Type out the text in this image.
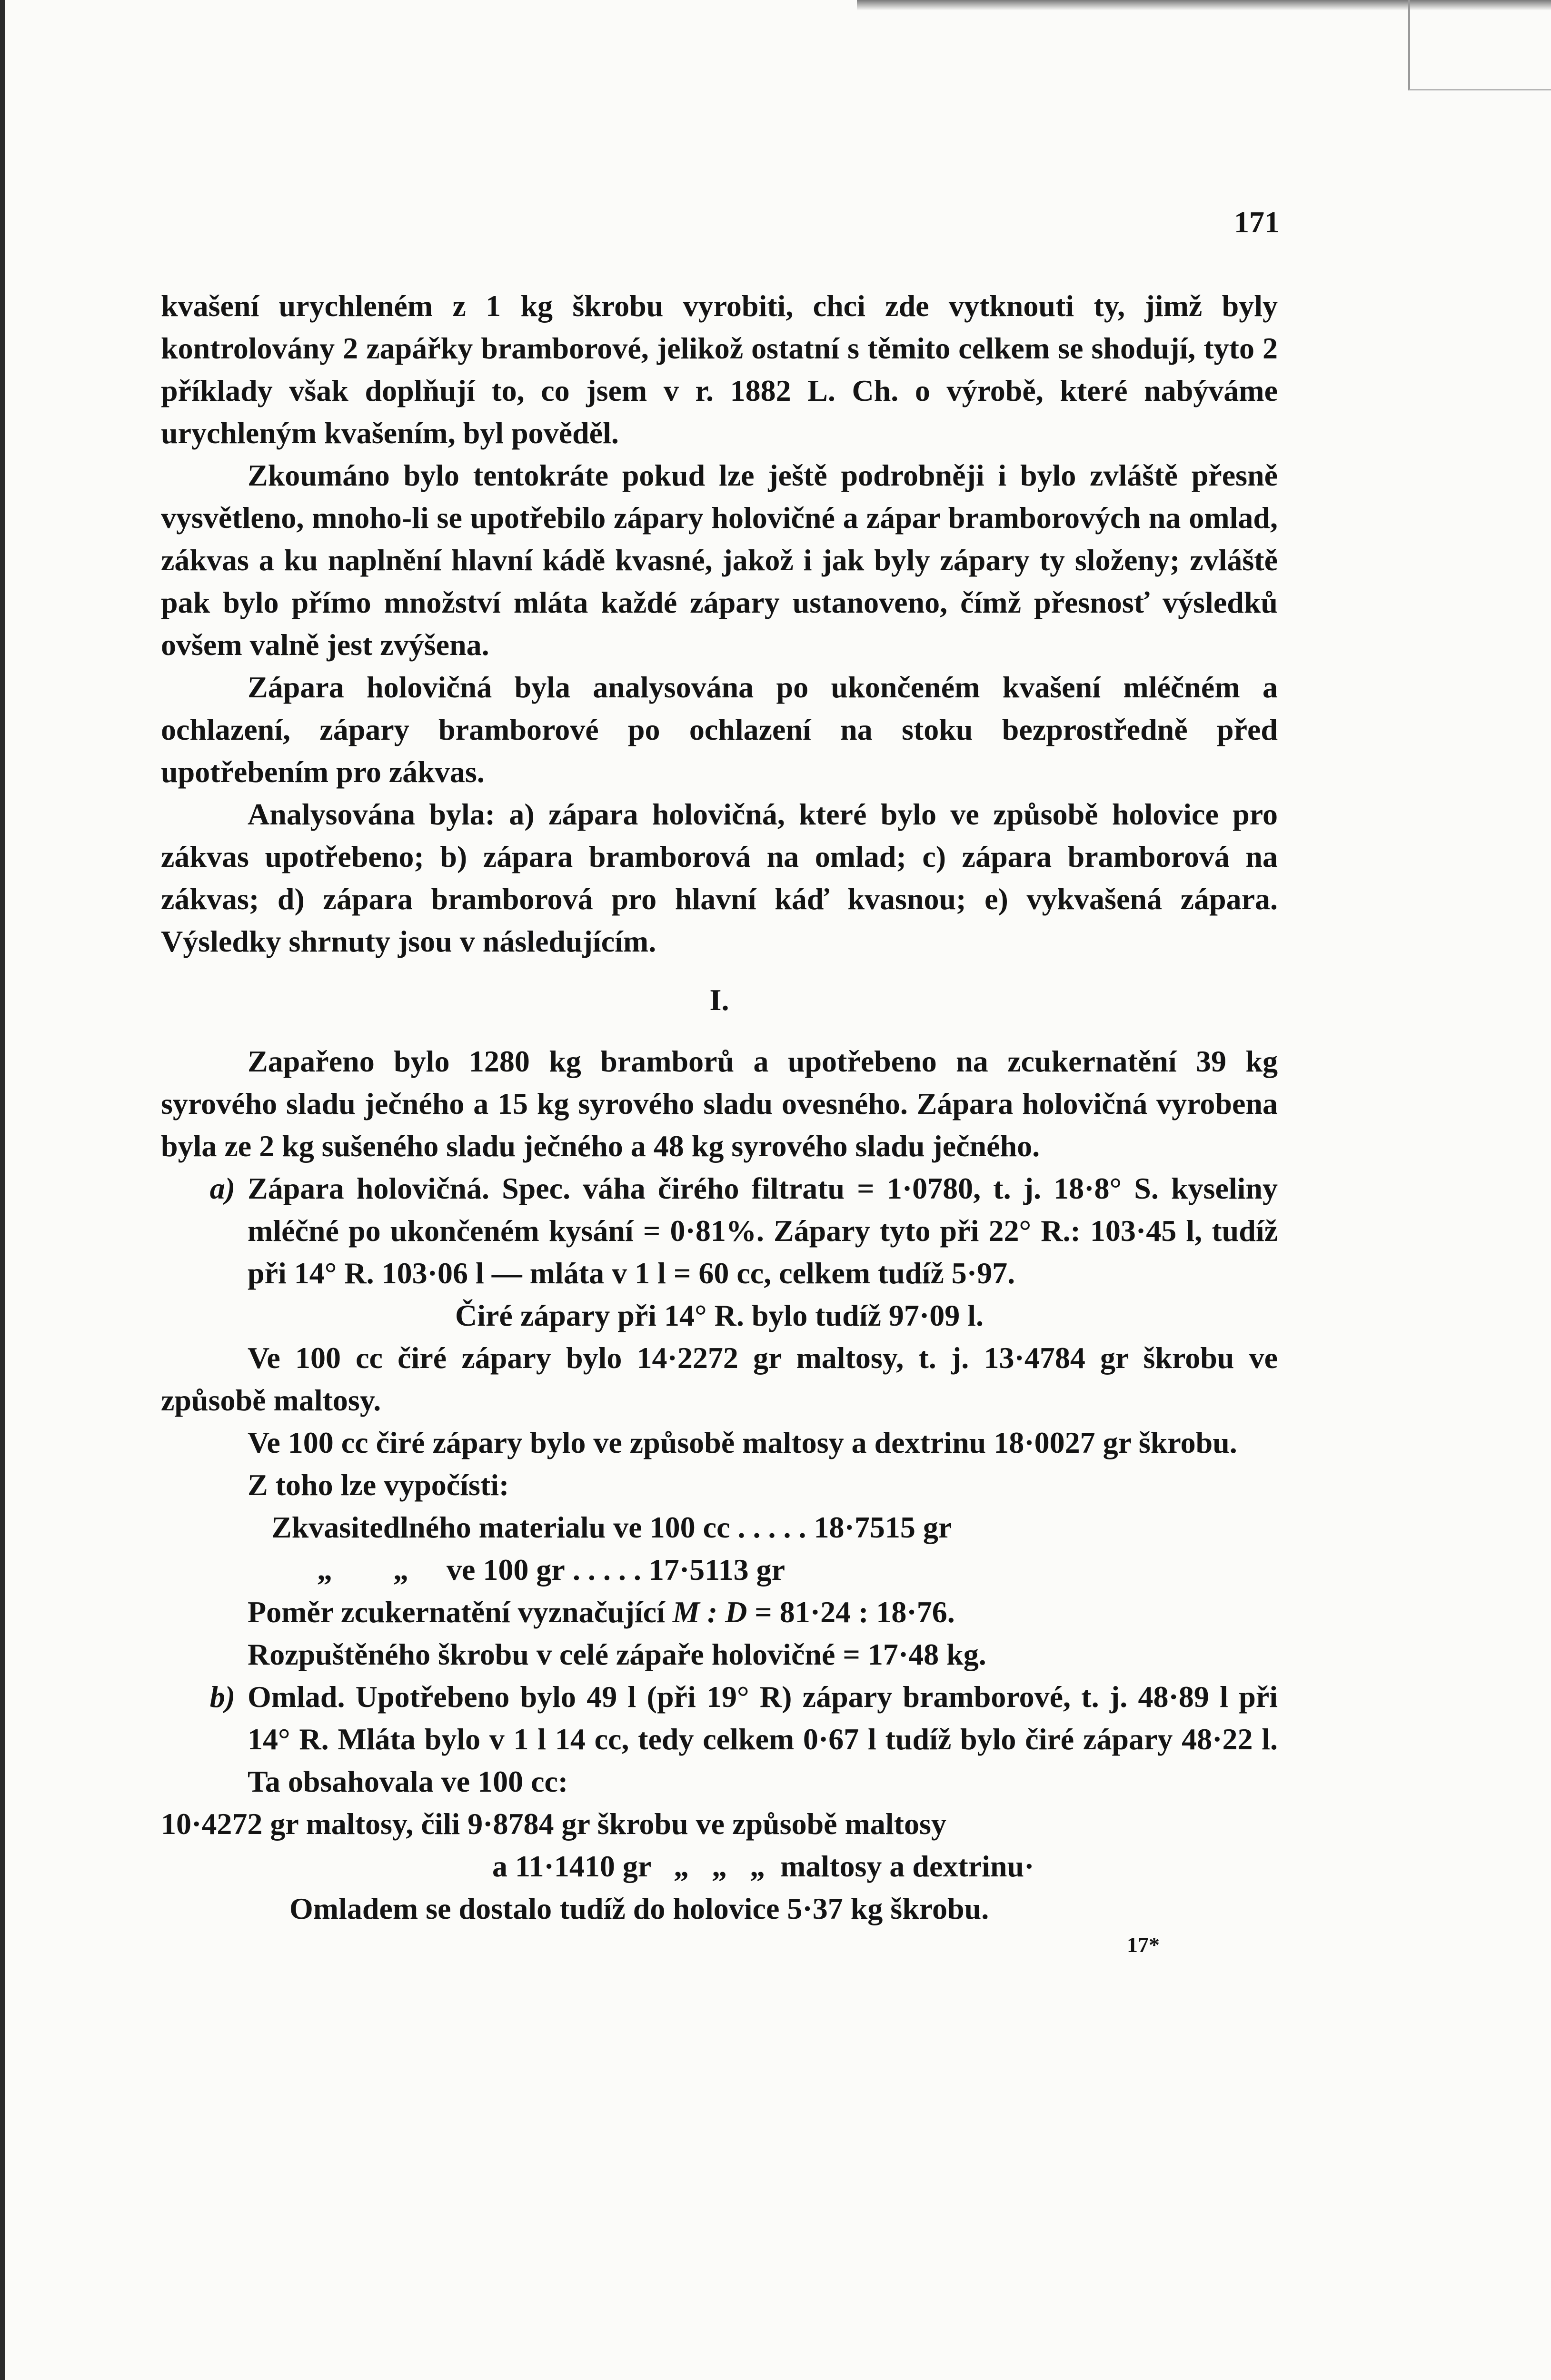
171

kvašení urychleném z 1 kg škrobu vyrobiti, chci zde vytknouti ty, jimž byly kontrolovány 2 zapářky bramborové, jelikož ostatní s těmito celkem se shodují, tyto 2 příklady však doplňují to, co jsem v r. 1882 L. Ch. o výrobě, které nabýváme urychleným kvašením, byl pověděl.

Zkoumáno bylo tentokráte pokud lze ještě podrobněji i bylo zvláště přesně vysvětleno, mnoho-li se upotřebilo zápary holovičné a zápar bramborových na omlad, zákvas a ku naplnění hlavní kádě kvasné, jakož i jak byly zápary ty složeny; zvláště pak bylo přímo množství mláta každé zápary ustanoveno, čímž přesnosť výsledků ovšem valně jest zvýšena.

Zápara holovičná byla analysována po ukončeném kvašení mléčném a ochlazení, zápary bramborové po ochlazení na stoku bezprostředně před upotřebením pro zákvas.

Analysována byla: a) zápara holovičná, které bylo ve způsobě holovice pro zákvas upotřebeno; b) zápara bramborová na omlad; c) zápara bramborová na zákvas; d) zápara bramborová pro hlavní káď kvasnou; e) vykvašená zápara. Výsledky shrnuty jsou v následujícím.

I.

Zapařeno bylo 1280 kg bramborů a upotřebeno na zcukernatění 39 kg syrového sladu ječného a 15 kg syrového sladu ovesného. Zápara holovičná vyrobena byla ze 2 kg sušeného sladu ječného a 48 kg syrového sladu ječného.

a) Zápara holovičná. Spec. váha čirého filtratu = 1·0780, t. j. 18·8° S. kyseliny mléčné po ukončeném kysání = 0·81%. Zápary tyto při 22° R.: 103·45 l, tudíž při 14° R. 103·06 l — mláta v 1 l = 60 cc, celkem tudíž 5·97.

Čiré zápary při 14° R. bylo tudíž 97·09 l.

Ve 100 cc čiré zápary bylo 14·2272 gr maltosy, t. j. 13·4784 gr škrobu ve způsobě maltosy.

Ve 100 cc čiré zápary bylo ve způsobě maltosy a dextrinu 18·0027 gr škrobu.

Z toho lze vypočísti:

Zkvasitedlného materialu ve 100 cc . . . . . 18·7515 gr
„        „     ve 100 gr . . . . . 17·5113 gr

Poměr zcukernatění vyznačující M : D = 81·24 : 18·76.

Rozpuštěného škrobu v celé zápaře holovičné = 17·48 kg.

b) Omlad. Upotřebeno bylo 49 l (při 19° R) zápary bramborové, t. j. 48·89 l při 14° R. Mláta bylo v 1 l 14 cc, tedy celkem 0·67 l tudíž bylo čiré zápary 48·22 l. Ta obsahovala ve 100 cc:

10·4272 gr maltosy, čili 9·8784 gr škrobu ve způsobě maltosy

a 11·1410 gr   „   „   „  maltosy a dextrinu·

Omladem se dostalo tudíž do holovice 5·37 kg škrobu.

17*
